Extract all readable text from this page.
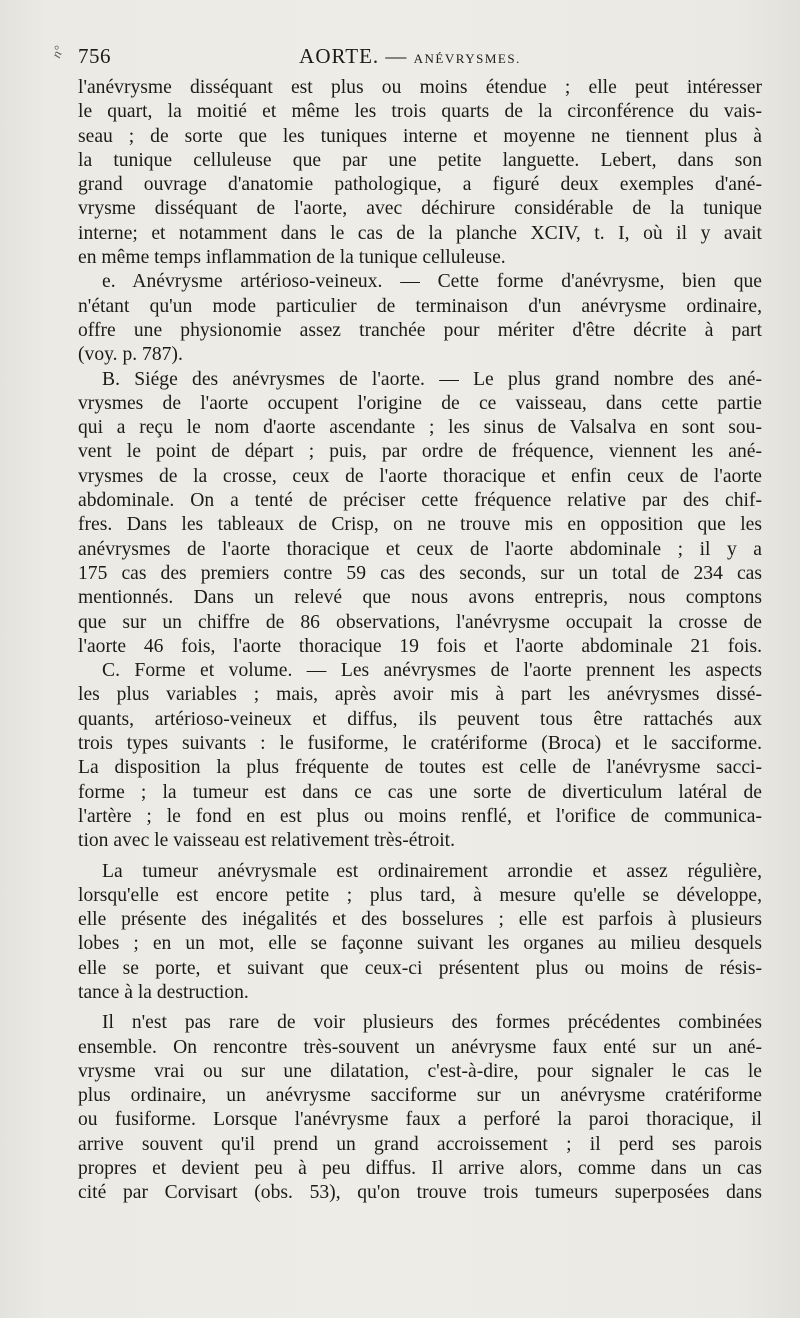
n° 756	AORTE. — ANÉVRYSMES.
l'anévrysme disséquant est plus ou moins étendue ; elle peut intéresser
le quart, la moitié et même les trois quarts de la circonférence du vais-
seau ; de sorte que les tuniques interne et moyenne ne tiennent plus à
la tunique celluleuse que par une petite languette. Lebert, dans son
grand ouvrage d'anatomie pathologique, a figuré deux exemples d'ané-
vrysme disséquant de l'aorte, avec déchirure considérable de la tunique
interne; et notamment dans le cas de la planche XCIV, t. I, où il y avait
en même temps inflammation de la tunique celluleuse.
e. Anévrysme artérioso-veineux. — Cette forme d'anévrysme, bien que
n'étant qu'un mode particulier de terminaison d'un anévrysme ordinaire,
offre une physionomie assez tranchée pour mériter d'être décrite à part
(voy. p. 787).
B. Siége des anévrysmes de l'aorte. — Le plus grand nombre des ané-
vrysmes de l'aorte occupent l'origine de ce vaisseau, dans cette partie
qui a reçu le nom d'aorte ascendante ; les sinus de Valsalva en sont sou-
vent le point de départ ; puis, par ordre de fréquence, viennent les ané-
vrysmes de la crosse, ceux de l'aorte thoracique et enfin ceux de l'aorte
abdominale. On a tenté de préciser cette fréquence relative par des chif-
fres. Dans les tableaux de Crisp, on ne trouve mis en opposition que les
anévrysmes de l'aorte thoracique et ceux de l'aorte abdominale ; il y a
175 cas des premiers contre 59 cas des seconds, sur un total de 234 cas
mentionnés. Dans un relevé que nous avons entrepris, nous comptons
que sur un chiffre de 86 observations, l'anévrysme occupait la crosse de
l'aorte 46 fois, l'aorte thoracique 19 fois et l'aorte abdominale 21 fois.
C. Forme et volume. — Les anévrysmes de l'aorte prennent les aspects
les plus variables ; mais, après avoir mis à part les anévrysmes dissé-
quants, artérioso-veineux et diffus, ils peuvent tous être rattachés aux
trois types suivants : le fusiforme, le cratériforme (Broca) et le sacciforme.
La disposition la plus fréquente de toutes est celle de l'anévrysme sacci-
forme ; la tumeur est dans ce cas une sorte de diverticulum latéral de
l'artère ; le fond en est plus ou moins renflé, et l'orifice de communica-
tion avec le vaisseau est relativement très-étroit.
La tumeur anévrysmale est ordinairement arrondie et assez régulière,
lorsqu'elle est encore petite ; plus tard, à mesure qu'elle se développe,
elle présente des inégalités et des bosselures ; elle est parfois à plusieurs
lobes ; en un mot, elle se façonne suivant les organes au milieu desquels
elle se porte, et suivant que ceux-ci présentent plus ou moins de résis-
tance à la destruction.
Il n'est pas rare de voir plusieurs des formes précédentes combinées
ensemble. On rencontre très-souvent un anévrysme faux enté sur un ané-
vrysme vrai ou sur une dilatation, c'est-à-dire, pour signaler le cas le
plus ordinaire, un anévrysme sacciforme sur un anévrysme cratériforme
ou fusiforme. Lorsque l'anévrysme faux a perforé la paroi thoracique, il
arrive souvent qu'il prend un grand accroissement ; il perd ses parois
propres et devient peu à peu diffus. Il arrive alors, comme dans un cas
cité par Corvisart (obs. 53), qu'on trouve trois tumeurs superposées dans
